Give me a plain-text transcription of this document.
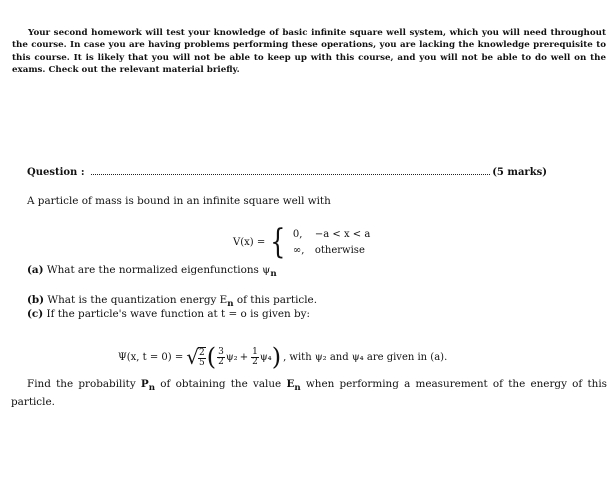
Your second homework will test your knowledge of basic infinite square well system, which you will need throughout the course. In case you are having problems performing these operations, you are lacking the knowledge prerequisite to this course. It is likely that you will not be able to keep up with this course, and you will not be able to do well on the exams. Check out the relevant material briefly.

Question :	(5 marks)
A particle of mass is bound in an infinite square well with
V(x) = { 0,	−a < x < a
∞,	otherwise
(a) What are the normalized eigenfunctions $\psi_n$
(b) What is the quantization energy $E_n$ of this particle.
(c) If the particle's wave function at t = o is given by:
Ψ(x, t = 0) = √ $\frac{2}{5}$ ( $\frac{3}{2} \psi_2 + \frac{1}{2} \psi_4$ ) , with ψ₂ and ψ₄ are given in (a).

Find the probability $P_n$ of obtaining the value $E_n$ when performing a measurement of the energy of this particle.
